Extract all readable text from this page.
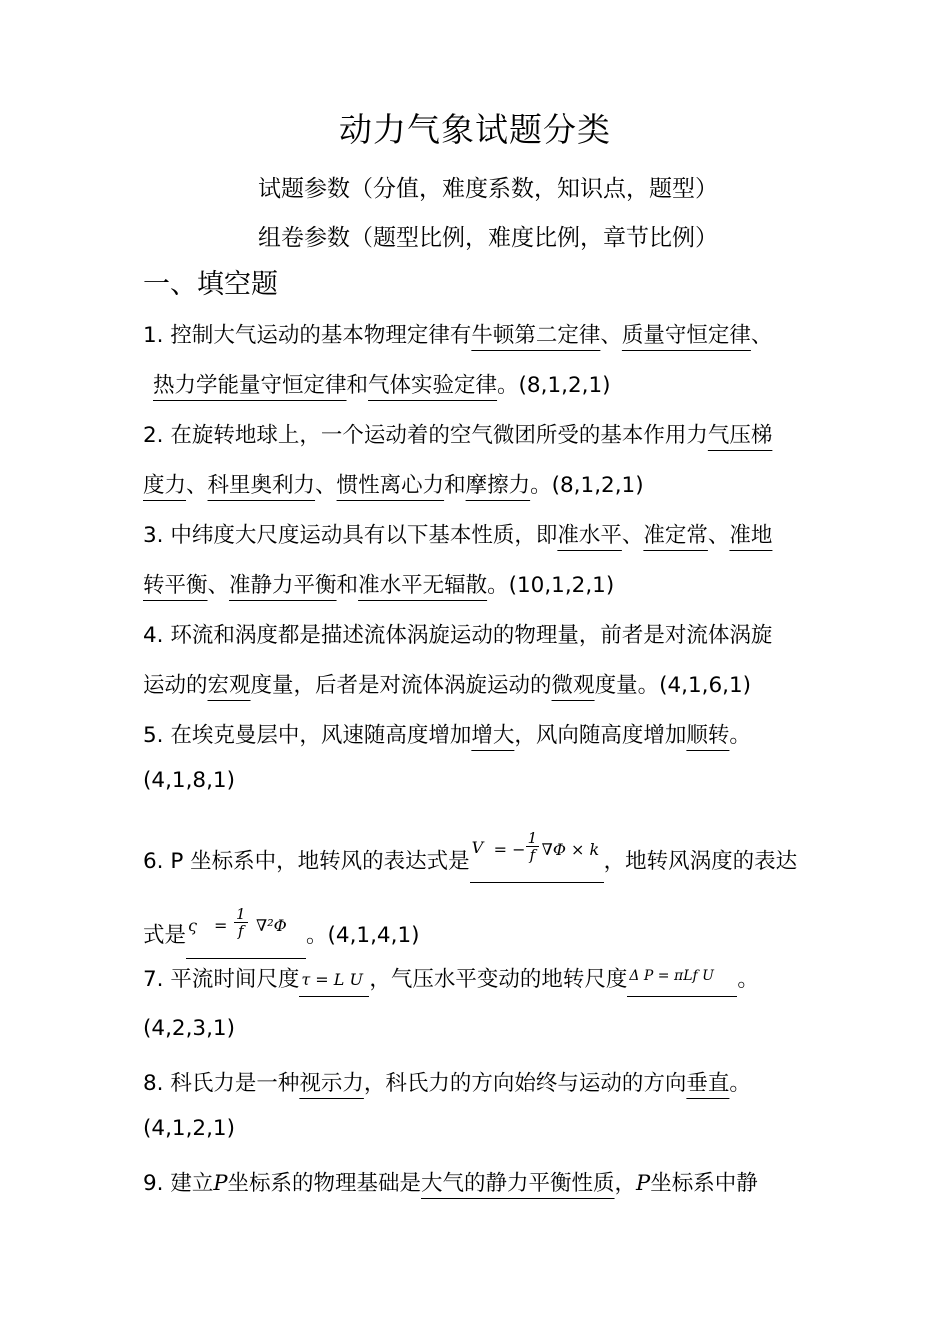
动力气象试题分类
试题参数（分值，难度系数，知识点，题型）
组卷参数（题型比例，难度比例，章节比例）
一、填空题
1. 控制大气运动的基本物理定律有牛顿第二定律、质量守恒定律、
热力学能量守恒定律和气体实验定律。(8,1,2,1)
2. 在旋转地球上，一个运动着的空气微团所受的基本作用力气压梯
度力、科里奥利力、惯性离心力和摩擦力。(8,1,2,1)
3. 中纬度大尺度运动具有以下基本性质，即准水平、准定常、准地
转平衡、准静力平衡和准水平无辐散。(10,1,2,1)
4. 环流和涡度都是描述流体涡旋运动的物理量，前者是对流体涡旋
运动的宏观度量，后者是对流体涡旋运动的微观度量。(4,1,6,1)
5. 在埃克曼层中，风速随高度增加增大，风向随高度增加顺转。
(4,1,8,1)
6. P 坐标系中，地转风的表达式是
V = − $\frac{1}{f} \nabla\Phi \times k$ ，地转风涡度的表达
式是 $\varsigma = \frac{1}{f} \nabla^2\Phi$ 。(4,1,4,1)
7. 平流时间尺度 τ = L U ，气压水平变动的地转尺度 Δ P = πLf U 。
(4,2,3,1)
8. 科氏力是一种视示力，科氏力的方向始终与运动的方向垂直。
(4,1,2,1)
9. 建立P坐标系的物理基础是大气的静力平衡性质，P坐标系中静
